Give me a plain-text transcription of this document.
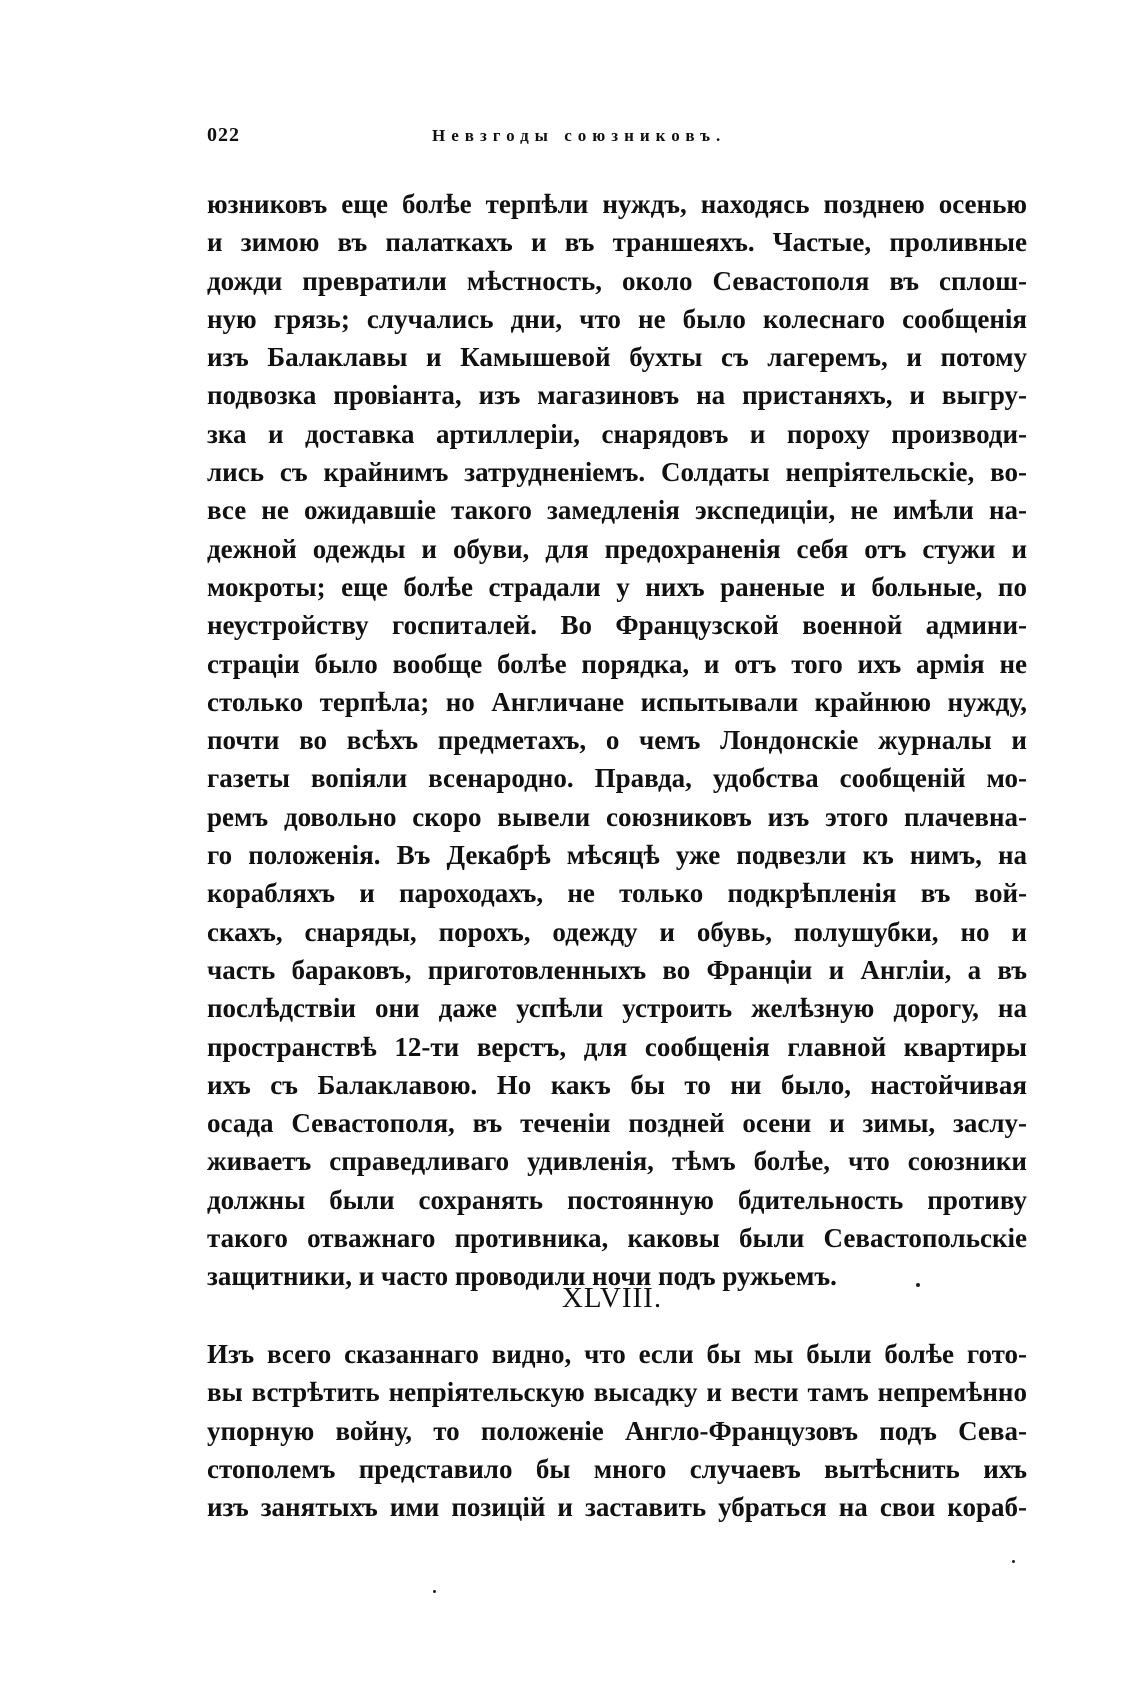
022	Невзгоды союзниковъ.
юзниковъ еще болѣе терпѣли нуждъ, находясь позднею осенью
и зимою въ палаткахъ и въ траншеяхъ. Частые, проливные
дожди превратили мѣстность, около Севастополя въ сплош-
ную грязь; случались дни, что не было колеснаго сообщенія
изъ Балаклавы и Камышевой бухты съ лагеремъ, и потому
подвозка провіанта, изъ магазиновъ на пристаняхъ, и выгру-
зка и доставка артиллеріи, снарядовъ и пороху производи-
лись съ крайнимъ затрудненіемъ. Солдаты непріятельскіе, во-
все не ожидавшіе такого замедленія экспедиціи, не имѣли на-
дежной одежды и обуви, для предохраненія себя отъ стужи и
мокроты; еще болѣе страдали у нихъ раненые и больные, по
неустройству госпиталей. Во Французской военной админи-
страціи было вообще болѣе порядка, и отъ того ихъ армія не
столько терпѣла; но Англичане испытывали крайнюю нужду,
почти во всѣхъ предметахъ, о чемъ Лондонскіе журналы и
газеты вопіяли всенародно. Правда, удобства сообщеній мо-
ремъ довольно скоро вывели союзниковъ изъ этого плачевна-
го положенія. Въ Декабрѣ мѣсяцѣ уже подвезли къ нимъ, на
корабляхъ и пароходахъ, не только подкрѣпленія въ вой-
скахъ, снаряды, порохъ, одежду и обувь, полушубки, но и
часть бараковъ, приготовленныхъ во Франціи и Англіи, а въ
послѣдствіи они даже успѣли устроить желѣзную дорогу, на
пространствѣ 12-ти верстъ, для сообщенія главной квартиры
ихъ съ Балаклавою. Но какъ бы то ни было, настойчивая
осада Севастополя, въ теченіи поздней осени и зимы, заслу-
живаетъ справедливаго удивленія, тѣмъ болѣе, что союзники
должны были сохранять постоянную бдительность противу
такого отважнаго противника, каковы были Севастопольскіе
защитники, и часто проводили ночи подъ ружьемъ.
XLVIII.
Изъ всего сказаннаго видно, что если бы мы были болѣе гото-
вы встрѣтить непріятельскую высадку и вести тамъ непремѣнно
упорную войну, то положеніе Англо-Французовъ подъ Сева-
стополемъ представило бы много случаевъ вытѣснить ихъ
изъ занятыхъ ими позицій и заставить убраться на свои кораб-
